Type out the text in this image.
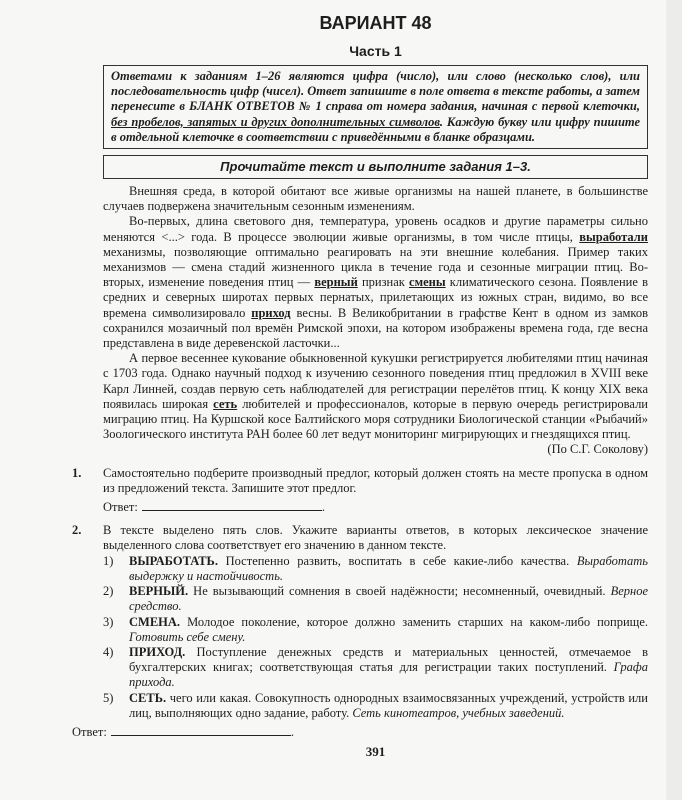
ВАРИАНТ 48
Часть 1
Ответами к заданиям 1–26 являются цифра (число), или слово (несколько слов), или последовательность цифр (чисел). Ответ запишите в поле ответа в тексте работы, а затем перенесите в БЛАНК ОТВЕТОВ № 1 справа от номера задания, начиная с первой клеточки, без пробелов, запятых и других дополнительных символов. Каждую букву или цифру пишите в отдельной клеточке в соответствии с приведёнными в бланке образцами.
Прочитайте текст и выполните задания 1–3.

Внешняя среда, в которой обитают все живые организмы на нашей планете, в большинстве случаев подвержена значительным сезонным изменениям.

Во-первых, длина светового дня, температура, уровень осадков и другие параметры сильно меняются <...> года. В процессе эволюции живые организмы, в том числе птицы, выработали механизмы, позволяющие оптимально реагировать на эти внешние колебания. Пример таких механизмов — смена стадий жизненного цикла в течение года и сезонные миграции птиц. Во-вторых, изменение поведения птиц — верный признак смены климатического сезона. Появление в средних и северных широтах первых пернатых, прилетающих из южных стран, видимо, во все времена символизировало приход весны. В Великобритании в графстве Кент в одном из замков сохранился мозаичный пол времён Римской эпохи, на котором изображены времена года, где весна представлена в виде деревенской ласточки...

А первое весеннее кукование обыкновенной кукушки регистрируется любителями птиц начиная с 1703 года. Однако научный подход к изучению сезонного поведения птиц предложил в XVIII веке Карл Линней, создав первую сеть наблюдателей для регистрации перелётов птиц. К концу XIX века появилась широкая сеть любителей и профессионалов, которые в первую очередь регистрировали миграцию птиц. На Куршской косе Балтийского моря сотрудники Биологической станции «Рыбачий» Зоологического института РАН более 60 лет ведут мониторинг мигрирующих и гнездящихся птиц.

(По С.Г. Соколову)
1. Самостоятельно подберите производный предлог, который должен стоять на месте пропуска в одном из предложений текста. Запишите этот предлог.
Ответ:	.
2. В тексте выделено пять слов. Укажите варианты ответов, в которых лексическое значение выделенного слова соответствует его значению в данном тексте.
1) ВЫРАБОТАТЬ. Постепенно развить, воспитать в себе какие-либо качества. Выработать выдержку и настойчивость.
2) ВЕРНЫЙ. Не вызывающий сомнения в своей надёжности; несомненный, очевидный. Верное средство.
3) СМЕНА. Молодое поколение, которое должно заменить старших на каком-либо поприще. Готовить себе смену.
4) ПРИХОД. Поступление денежных средств и материальных ценностей, отмечаемое в бухгалтерских книгах; соответствующая статья для регистрации таких поступлений. Графа прихода.
5) СЕТЬ. чего или какая. Совокупность однородных взаимосвязанных учреждений, устройств или лиц, выполняющих одно задание, работу. Сеть кинотеатров, учебных заведений.
Ответ:	.
391
